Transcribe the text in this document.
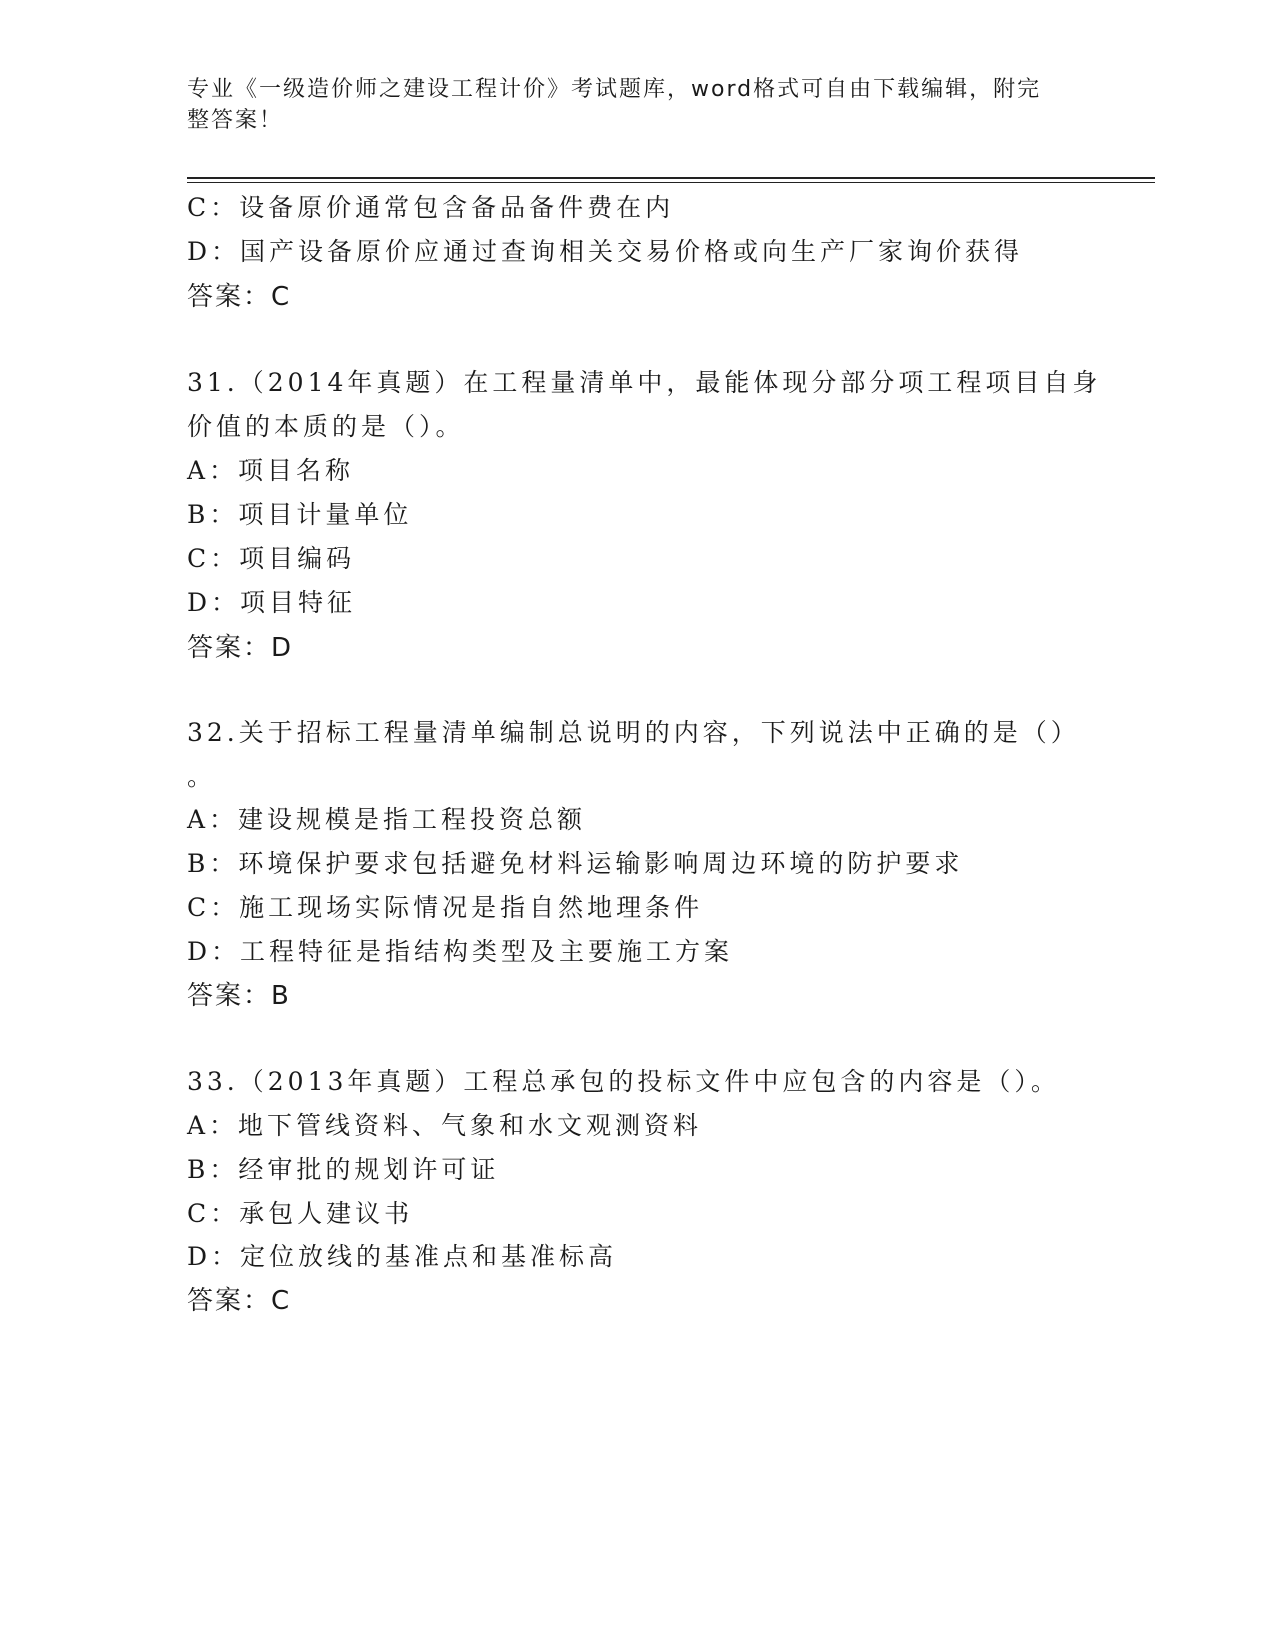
专业《一级造价师之建设工程计价》考试题库，word格式可自由下载编辑，附完
整答案！
C：设备原价通常包含备品备件费在内
D：国产设备原价应通过查询相关交易价格或向生产厂家询价获得
答案：C
31.（2014年真题）在工程量清单中，最能体现分部分项工程项目自身
价值的本质的是（）。
A：项目名称
B：项目计量单位
C：项目编码
D：项目特征
答案：D
32.关于招标工程量清单编制总说明的内容，下列说法中正确的是（）
。
A：建设规模是指工程投资总额
B：环境保护要求包括避免材料运输影响周边环境的防护要求
C：施工现场实际情况是指自然地理条件
D：工程特征是指结构类型及主要施工方案
答案：B
33.（2013年真题）工程总承包的投标文件中应包含的内容是（）。
A：地下管线资料、气象和水文观测资料
B：经审批的规划许可证
C：承包人建议书
D：定位放线的基准点和基准标高
答案：C
